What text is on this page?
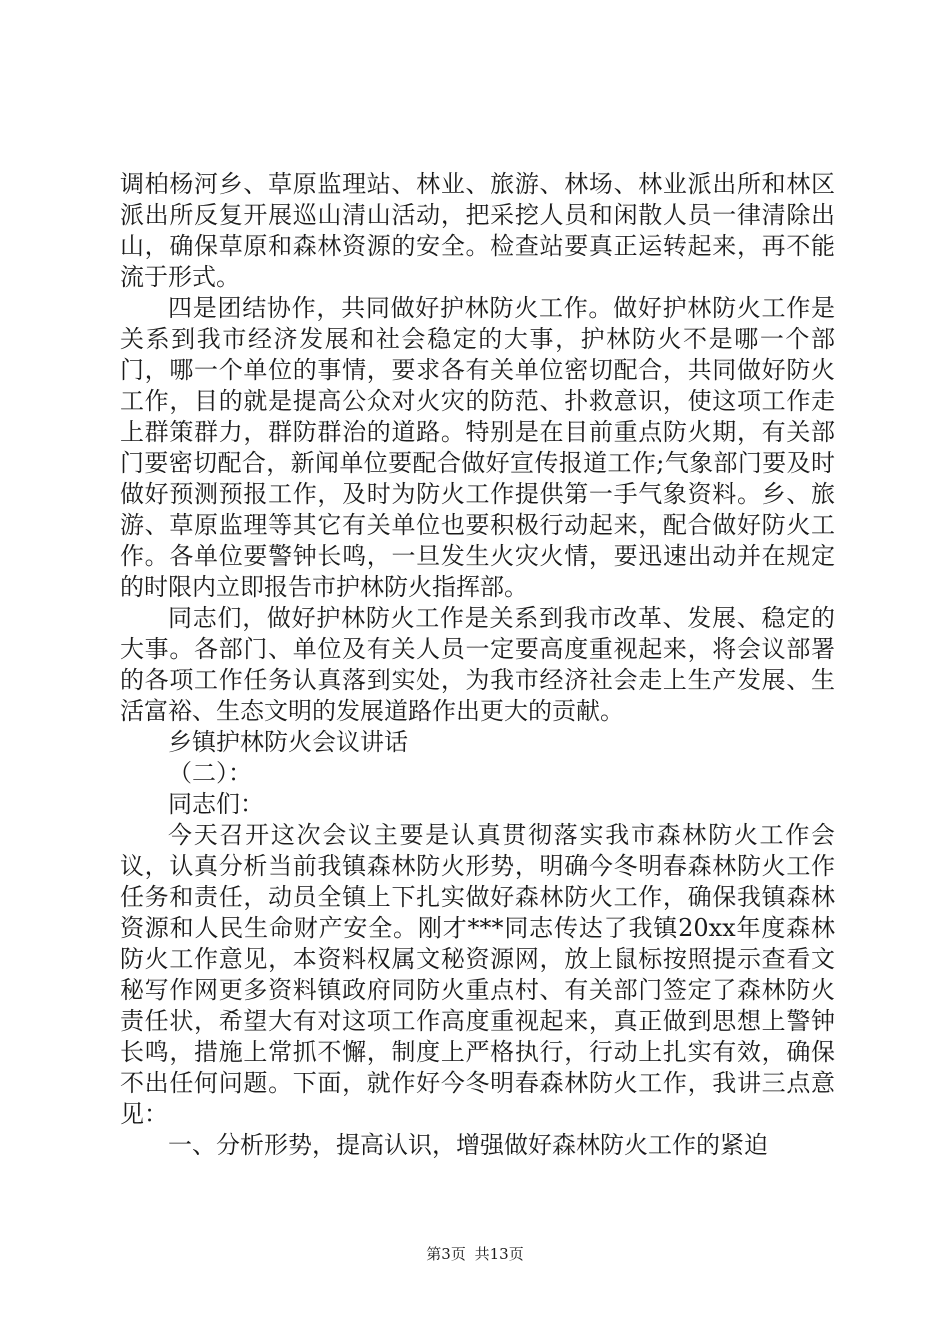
调柏杨河乡、草原监理站、林业、旅游、林场、林业派出所和林区派出所反复开展巡山清山活动，把采挖人员和闲散人员一律清除出山，确保草原和森林资源的安全。检查站要真正运转起来，再不能流于形式。

四是团结协作，共同做好护林防火工作。做好护林防火工作是关系到我市经济发展和社会稳定的大事，护林防火不是哪一个部门，哪一个单位的事情，要求各有关单位密切配合，共同做好防火工作，目的就是提高公众对火灾的防范、扑救意识，使这项工作走上群策群力，群防群治的道路。特别是在目前重点防火期，有关部门要密切配合，新闻单位要配合做好宣传报道工作;气象部门要及时做好预测预报工作，及时为防火工作提供第一手气象资料。乡、旅游、草原监理等其它有关单位也要积极行动起来，配合做好防火工作。各单位要警钟长鸣，一旦发生火灾火情，要迅速出动并在规定的时限内立即报告市护林防火指挥部。

同志们，做好护林防火工作是关系到我市改革、发展、稳定的大事。各部门、单位及有关人员一定要高度重视起来，将会议部署的各项工作任务认真落到实处，为我市经济社会走上生产发展、生活富裕、生态文明的发展道路作出更大的贡献。

乡镇护林防火会议讲话

（二）：

同志们：

今天召开这次会议主要是认真贯彻落实我市森林防火工作会议，认真分析当前我镇森林防火形势，明确今冬明春森林防火工作任务和责任，动员全镇上下扎实做好森林防火工作，确保我镇森林资源和人民生命财产安全。刚才***同志传达了我镇20xx年度森林防火工作意见，本资料权属文秘资源网，放上鼠标按照提示查看文秘写作网更多资料镇政府同防火重点村、有关部门签定了森林防火责任状，希望大有对这项工作高度重视起来，真正做到思想上警钟长鸣，措施上常抓不懈，制度上严格执行，行动上扎实有效，确保不出任何问题。下面，就作好今冬明春森林防火工作，我讲三点意见：

一、分析形势，提高认识，增强做好森林防火工作的紧迫

第3页 共13页
